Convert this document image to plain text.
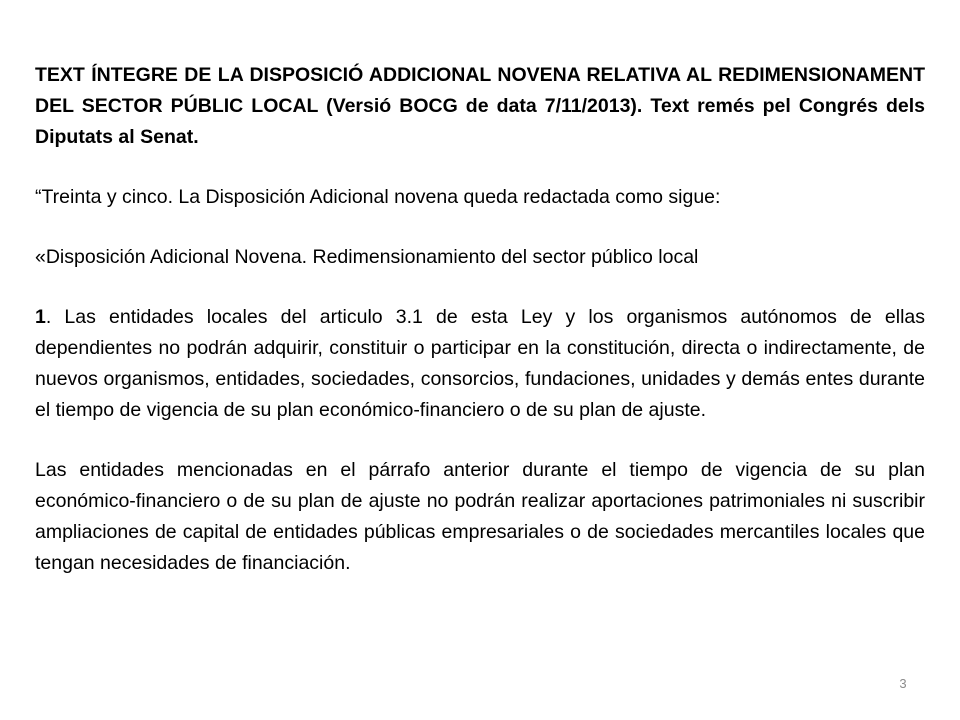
TEXT ÍNTEGRE DE LA DISPOSICIÓ ADDICIONAL NOVENA RELATIVA AL REDIMENSIONAMENT DEL SECTOR PÚBLIC LOCAL (Versió BOCG de data 7/11/2013). Text remés pel Congrés dels Diputats al Senat.

“Treinta y cinco. La Disposición Adicional novena queda redactada como sigue:

«Disposición Adicional Novena. Redimensionamiento del sector público local

1. Las entidades locales del articulo 3.1 de esta Ley y los organismos autónomos de ellas dependientes no podrán adquirir, constituir o participar en la constitución, directa o indirectamente, de nuevos organismos, entidades, sociedades, consorcios, fundaciones, unidades y demás entes durante el tiempo de vigencia de su plan económico-financiero o de su plan de ajuste.

Las entidades mencionadas en el párrafo anterior durante el tiempo de vigencia de su plan económico-financiero o de su plan de ajuste no podrán realizar aportaciones patrimoniales ni suscribir ampliaciones de capital de entidades públicas empresariales o de sociedades mercantiles locales que tengan necesidades de financiación.

3
